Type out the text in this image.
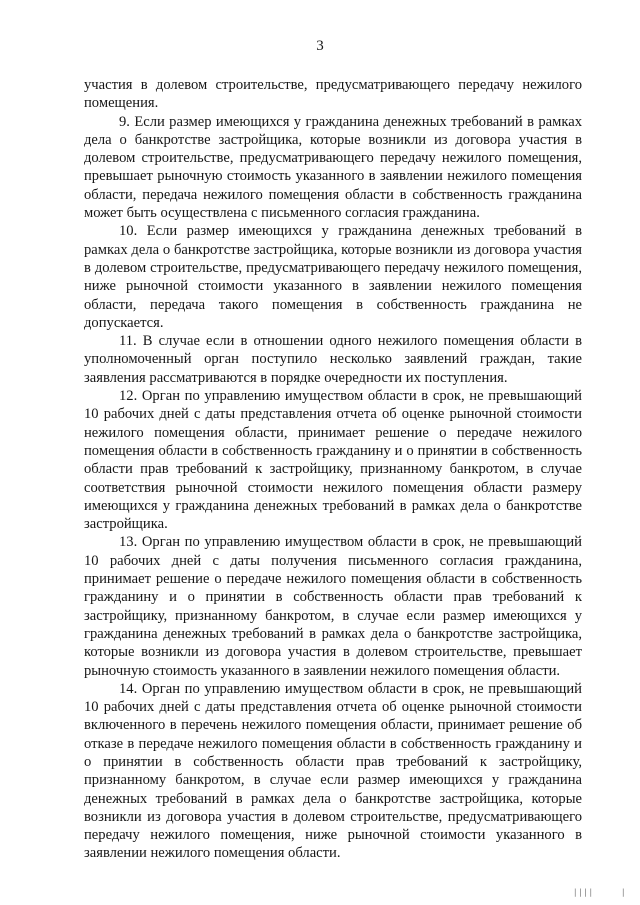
3

участия в долевом строительстве, предусматривающего передачу нежилого помещения.

9. Если размер имеющихся у гражданина денежных требований в рамках дела о банкротстве застройщика, которые возникли из договора участия в долевом строительстве, предусматривающего передачу нежилого помещения, превышает рыночную стоимость указанного в заявлении нежилого помещения области, передача нежилого помещения области в собственность гражданина может быть осуществлена с письменного согласия гражданина.

10. Если размер имеющихся у гражданина денежных требований в рамках дела о банкротстве застройщика, которые возникли из договора участия в долевом строительстве, предусматривающего передачу нежилого помещения, ниже рыночной стоимости указанного в заявлении нежилого помещения области, передача такого помещения в собственность гражданина не допускается.

11. В случае если в отношении одного нежилого помещения области в уполномоченный орган поступило несколько заявлений граждан, такие заявления рассматриваются в порядке очередности их поступления.

12. Орган по управлению имуществом области в срок, не превышающий 10 рабочих дней с даты представления отчета об оценке рыночной стоимости нежилого помещения области, принимает решение о передаче нежилого помещения области в собственность гражданину и о принятии в собственность области прав требований к застройщику, признанному банкротом, в случае соответствия рыночной стоимости нежилого помещения области размеру имеющихся у гражданина денежных требований в рамках дела о банкротстве застройщика.

13. Орган по управлению имуществом области в срок, не превышающий 10 рабочих дней с даты получения письменного согласия гражданина, принимает решение о передаче нежилого помещения области в собственность гражданину и о принятии в собственность области прав требований к застройщику, признанному банкротом, в случае если размер имеющихся у гражданина денежных требований в рамках дела о банкротстве застройщика, которые возникли из договора участия в долевом строительстве, превышает рыночную стоимость указанного в заявлении нежилого помещения области.

14. Орган по управлению имуществом области в срок, не превышающий 10 рабочих дней с даты представления отчета об оценке рыночной стоимости включенного в перечень нежилого помещения области, принимает решение об отказе в передаче нежилого помещения области в собственность гражданину и о принятии в собственность области прав требований к застройщику, признанному банкротом, в случае если размер имеющихся у гражданина денежных требований в рамках дела о банкротстве застройщика, которые возникли из договора участия в долевом строительстве, предусматривающего передачу нежилого помещения, ниже рыночной стоимости указанного в заявлении нежилого помещения области.

││││	│
